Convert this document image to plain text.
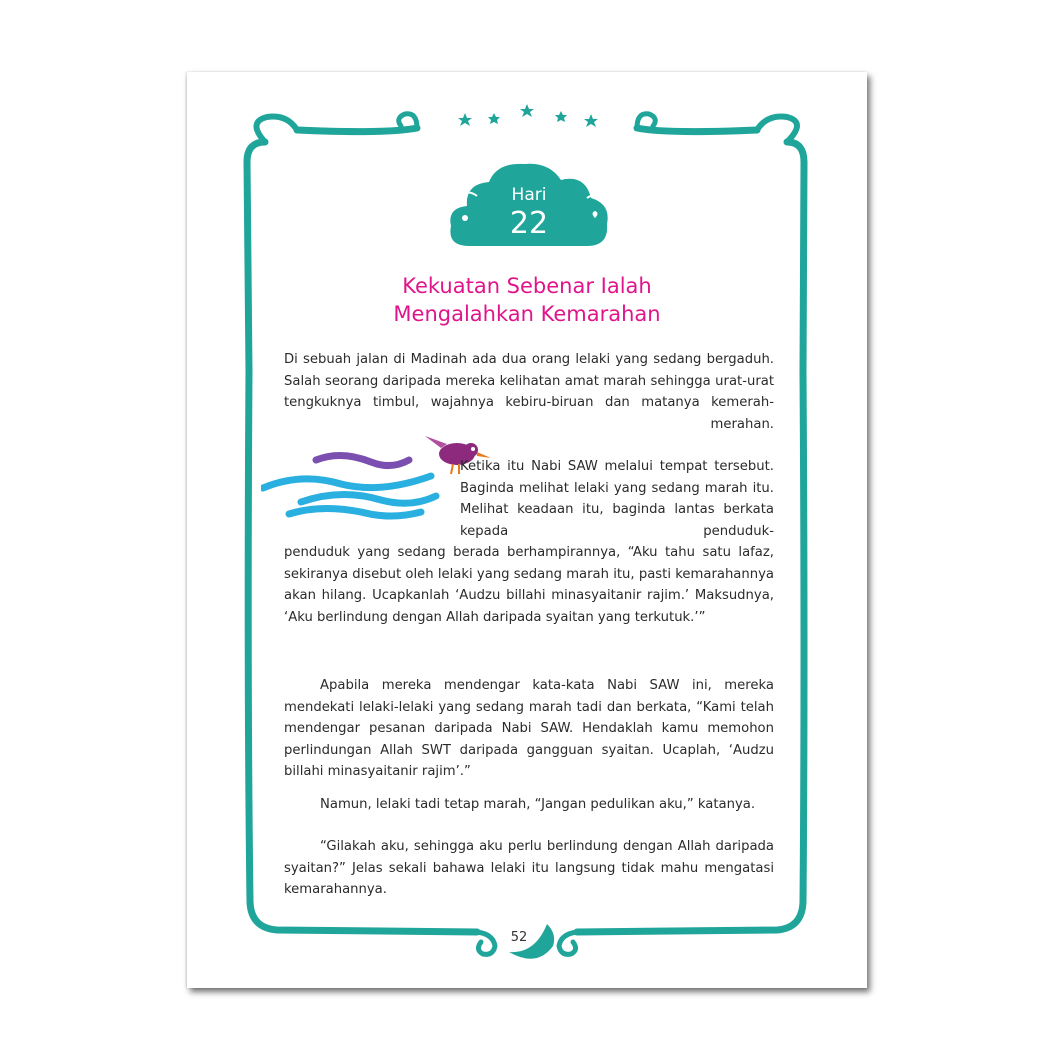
Hari
22
Kekuatan Sebenar Ialah
Mengalahkan Kemarahan
Di sebuah jalan di Madinah ada dua orang lelaki yang sedang bergaduh. Salah seorang daripada mereka kelihatan amat marah sehingga urat-urat tengkuknya timbul, wajahnya kebiru-biruan dan matanya kemerah-merahan.
Ketika itu Nabi SAW melalui tempat tersebut. Baginda melihat lelaki yang sedang marah itu. Melihat keadaan itu, baginda lantas berkata kepada penduduk-
penduduk yang sedang berada berhampirannya, “Aku tahu satu lafaz, sekiranya disebut oleh lelaki yang sedang marah itu, pasti kemarahannya akan hilang. Ucapkanlah ‘Audzu billahi minasyaitanir rajim.’ Maksudnya, ‘Aku berlindung dengan Allah daripada syaitan yang terkutuk.’”
Apabila mereka mendengar kata-kata Nabi SAW ini, mereka mendekati lelaki-lelaki yang sedang marah tadi dan berkata, “Kami telah mendengar pesanan daripada Nabi SAW. Hendaklah kamu memohon perlindungan Allah SWT daripada gangguan syaitan. Ucaplah, ‘Audzu billahi minasyaitanir rajim’.”
Namun, lelaki tadi tetap marah, “Jangan pedulikan aku,” katanya.
“Gilakah aku, sehingga aku perlu berlindung dengan Allah daripada syaitan?” Jelas sekali bahawa lelaki itu langsung tidak mahu mengatasi kemarahannya.
52
